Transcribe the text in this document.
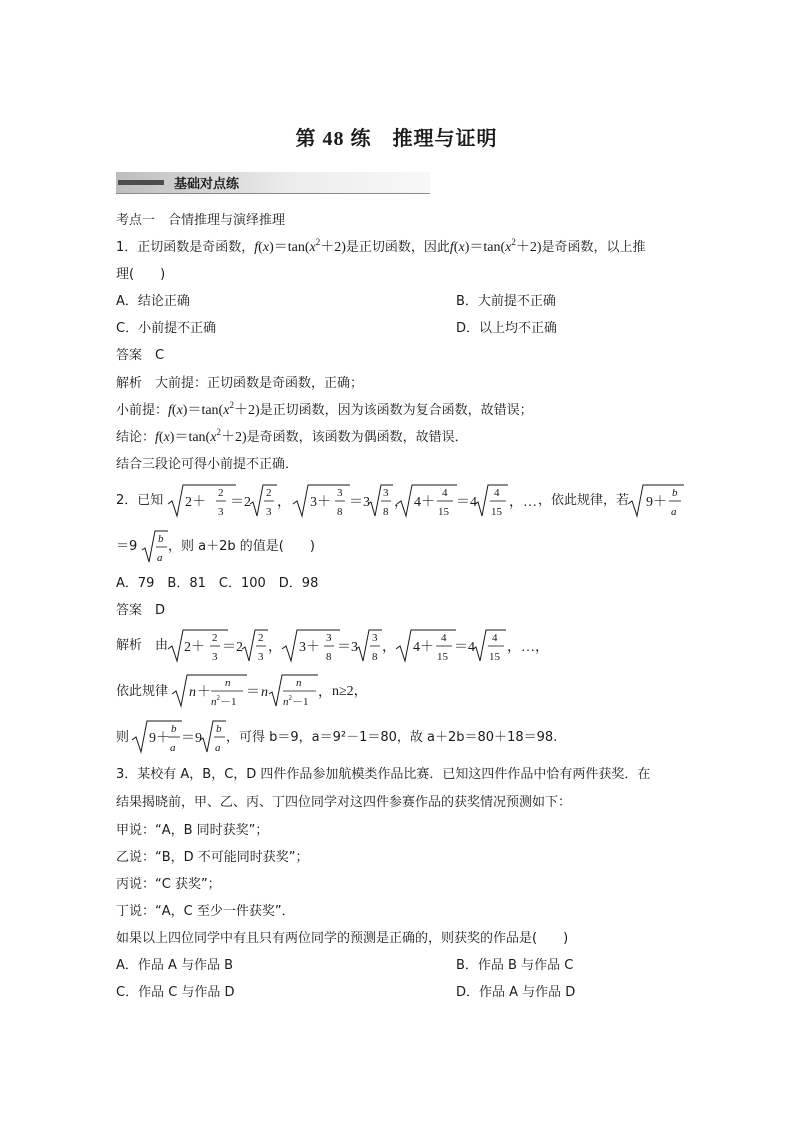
第 48 练　推理与证明
基础对点练
考点一　合情推理与演绎推理
1．正切函数是奇函数，$f(x)=\tan(x^2+2)$是正切函数，因此$f(x)=\tan(x^2+2)$是奇函数，以上推
理(　　)
A．结论正确	B．大前提不正确
C．小前提不正确	D．以上均不正确
答案　C
解析　大前提：正切函数是奇函数，正确；
小前提：$f(x)=\tan(x^2+2)$是正切函数，因为该函数为复合函数，故错误；
结论：$f(x)=\tan(x^2+2)$是奇函数，该函数为偶函数，故错误．
结合三段论可得小前提不正确．
2．已知 2＋
2
3
＝2
2
3
， 3＋
3
8
＝3
3
8
， 4＋
4
15
＝4
4
15
，… ，依此规律，若 9＋
b
a
＝9 b
a
，则 a＋2b 的值是(　　)
A．79　B．81　C．100　D．98
答案　D
解析　由 2＋
2
3
＝2
2
3
， 3＋
3
8
＝3
3
8
， 4＋
4
15
＝4
4
15
，…，
依此规律 n ＋
n
$n^2-1$
＝ n
n
$n^2-1$
， n≥2，
则 9＋
b
a
＝9
b
a
，可得 b＝9，a＝9²－1＝80，故 a＋2b＝80＋18＝98.
3．某校有 A，B，C，D 四件作品参加航模类作品比赛．已知这四件作品中恰有两件获奖．在
结果揭晓前，甲、乙、丙、丁四位同学对这四件参赛作品的获奖情况预测如下：
甲说：“A，B 同时获奖”；
乙说：“B，D 不可能同时获奖”；
丙说：“C 获奖”；
丁说：“A，C 至少一件获奖”．
如果以上四位同学中有且只有两位同学的预测是正确的，则获奖的作品是(　　)
A．作品 A 与作品 B	B．作品 B 与作品 C
C．作品 C 与作品 D	D．作品 A 与作品 D
